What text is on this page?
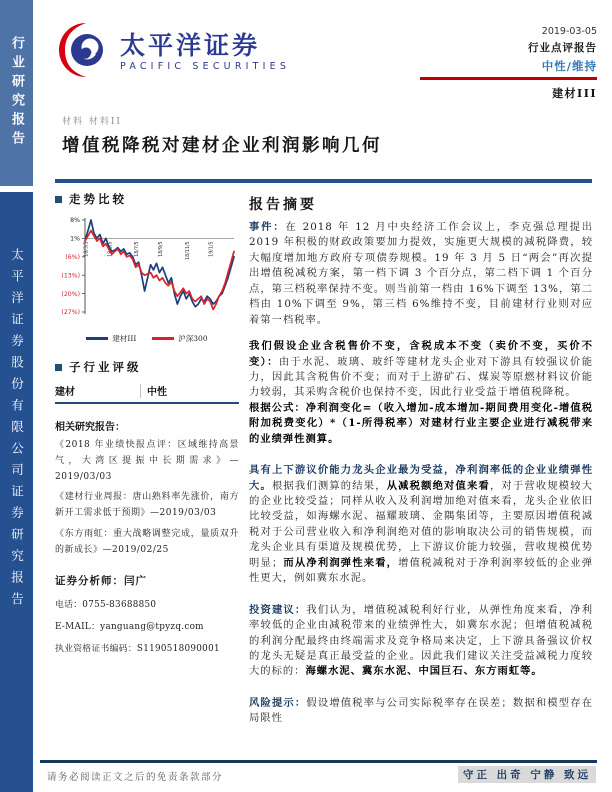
行业研究报告
太平洋证券股份有限公司证券研究报告
太平洋证券
PACIFIC SECURITIES
2019-03-05
行业点评报告
中性/维持
建材III
材料 材料II
增值税降税对建材企业利润影响几何
走势比较
8%
1%
(6%)
(13%)
(20%)
(27%)
18/3/5	18/5/5	18/7/5	18/9/5	18/11/5	19/1/5
建材III	沪深300
子行业评级
建材	中性
相关研究报告：

《2018 年业绩快报点评：区域维持高景气，大湾区提振中长期需求》—2019/03/03

《建材行业周报：唐山熟料率先涨价，南方新开工需求低于预期》—2019/03/03

《东方雨虹：重大战略调整完成，量质双升的新成长》—2019/02/25

证券分析师：闫广

电话：0755-83688850

E-MAIL：yanguang@tpyzq.com

执业资格证书编码：S1190518090001

报告摘要

事件：在 2018 年 12 月中央经济工作会议上，李克强总理提出 2019 年积极的财政政策要加力提效，实施更大规模的减税降费，较大幅度增加地方政府专项债券规模。19 年 3 月 5 日“两会”再次提出增值税减税方案，第一档下调 3 个百分点，第二档下调 1 个百分点，第三档税率保持不变。则当前第一档由 16%下调至 13%，第二档由 10%下调至 9%，第三档 6%维持不变，目前建材行业则对应着第一档税率。

我们假设企业含税售价不变，含税成本不变（卖价不变，买价不变）：由于水泥、玻璃、玻纤等建材龙头企业对下游具有较强议价能力，因此其含税售价不变；而对于上游矿石、煤炭等原燃材料议价能力较弱，其采购含税价也保持不变，因此行业受益于增值税降税。

根据公式：净利润变化=（收入增加-成本增加-期间费用变化-增值税附加税费变化）*（1-所得税率）对建材行业主要企业进行减税带来的业绩弹性测算。

具有上下游议价能力龙头企业最为受益，净利润率低的企业业绩弹性大。根据我们测算的结果，从减税额绝对值来看，对于营收规模较大的企业比较受益；同样从收入及利润增加绝对值来看，龙头企业依旧比较受益，如海螺水泥、福耀玻璃、金隅集团等，主要原因增值税减税对于公司营业收入和净利润绝对值的影响取决公司的销售规模，而龙头企业具有渠道及规模优势，上下游议价能力较强，营收规模优势明显；而从净利润弹性来看，增值税减税对于净利润率较低的企业弹性更大，例如冀东水泥。

投资建议：我们认为，增值税减税利好行业，从弹性角度来看，净利率较低的企业由减税带来的业绩弹性大，如冀东水泥；但增值税减税的利润分配最终由终端需求及竞争格局来决定，上下游具备强议价权的龙头无疑是真正最受益的企业。因此我们建议关注受益减税力度较大的标的：海螺水泥、冀东水泥、中国巨石、东方雨虹等。

风险提示：假设增值税率与公司实际税率存在误差；数据和模型存在局限性

请务必阅读正文之后的免责条款部分	守正 出奇 宁静 致远
